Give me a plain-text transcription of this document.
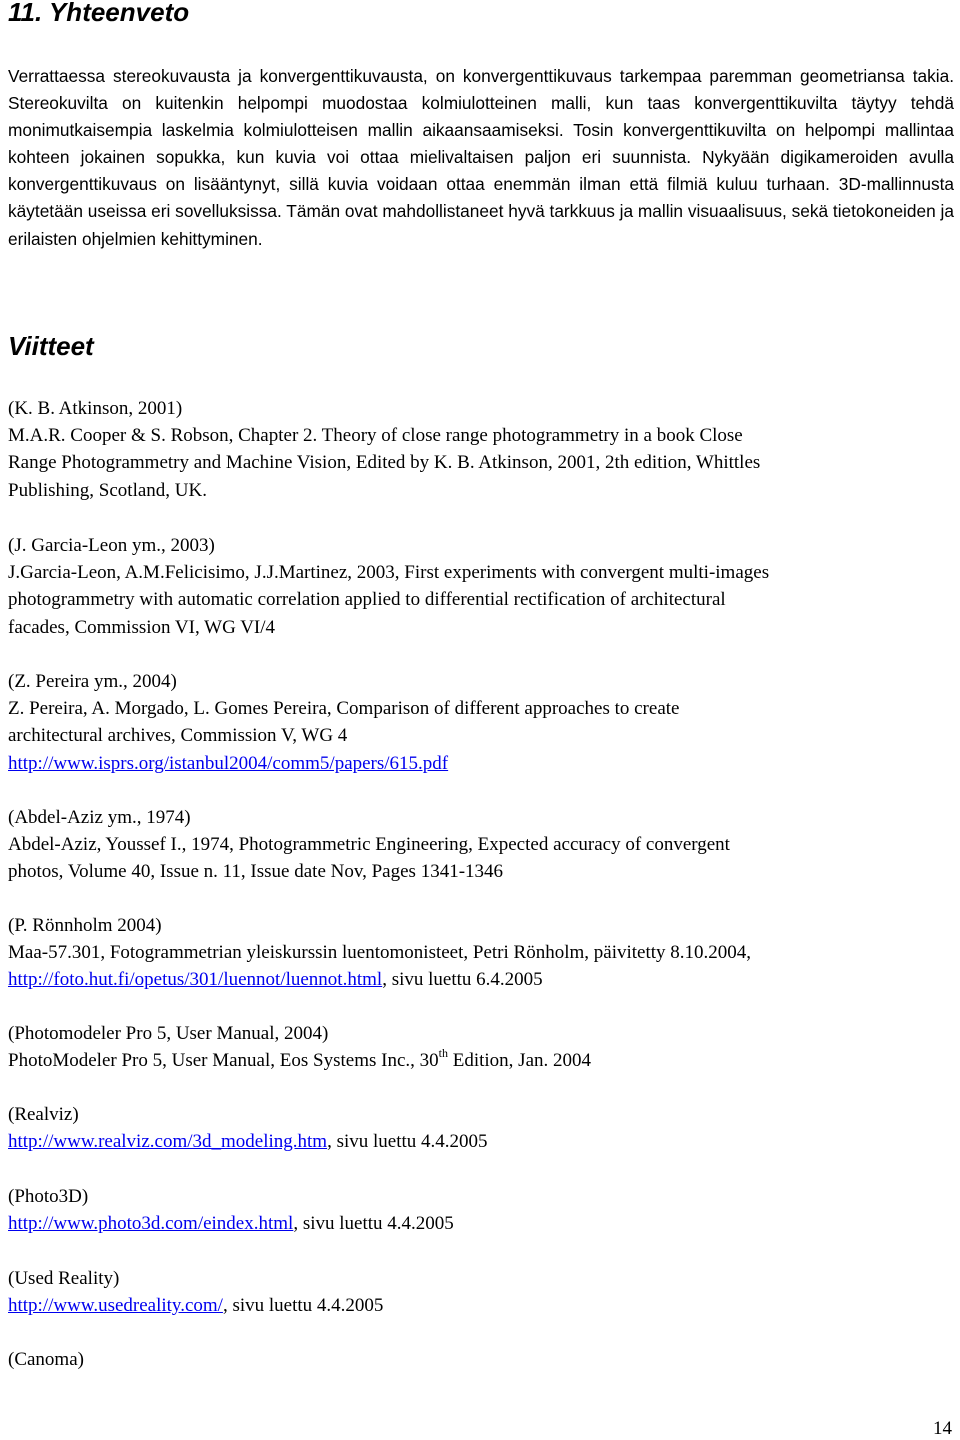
11. Yhteenveto

Verrattaessa stereokuvausta ja konvergenttikuvausta, on konvergenttikuvaus tarkempaa paremman geometriansa takia. Stereokuvilta on kuitenkin helpompi muodostaa kolmiulotteinen malli, kun taas konvergenttikuvilta täytyy tehdä monimutkaisempia laskelmia kolmiulotteisen mallin aikaansaamiseksi. Tosin konvergenttikuvilta on helpompi mallintaa kohteen jokainen sopukka, kun kuvia voi ottaa mielivaltaisen paljon eri suunnista. Nykyään digikameroiden avulla konvergenttikuvaus on lisääntynyt, sillä kuvia voidaan ottaa enemmän ilman että filmiä kuluu turhaan. 3D-mallinnusta käytetään useissa eri sovelluksissa. Tämän ovat mahdollistaneet hyvä tarkkuus ja mallin visuaalisuus, sekä tietokoneiden ja erilaisten ohjelmien kehittyminen.

Viitteet
(K. B. Atkinson, 2001)
M.A.R. Cooper & S. Robson, Chapter 2. Theory of close range photogrammetry in a book Close
Range Photogrammetry and Machine Vision, Edited by K. B. Atkinson, 2001, 2th edition, Whittles
Publishing, Scotland, UK.
(J. Garcia-Leon ym., 2003)
J.Garcia-Leon, A.M.Felicisimo, J.J.Martinez, 2003, First experiments with convergent multi-images
photogrammetry with automatic correlation applied to differential rectification of architectural
facades, Commission VI, WG VI/4
(Z. Pereira ym., 2004)
Z. Pereira, A. Morgado, L. Gomes Pereira, Comparison of different approaches to create
architectural archives, Commission V, WG 4
http://www.isprs.org/istanbul2004/comm5/papers/615.pdf
(Abdel-Aziz ym., 1974)
Abdel-Aziz, Youssef I., 1974, Photogrammetric Engineering, Expected accuracy of convergent
photos, Volume 40, Issue n. 11, Issue date Nov, Pages 1341-1346
(P. Rönnholm 2004)
Maa-57.301, Fotogrammetrian yleiskurssin luentomonisteet, Petri Rönholm, päivitetty 8.10.2004,
http://foto.hut.fi/opetus/301/luennot/luennot.html, sivu luettu 6.4.2005
(Photomodeler Pro 5, User Manual, 2004)
PhotoModeler Pro 5, User Manual, Eos Systems Inc., 30th Edition, Jan. 2004
(Realviz)
http://www.realviz.com/3d_modeling.htm, sivu luettu 4.4.2005
(Photo3D)
http://www.photo3d.com/eindex.html, sivu luettu 4.4.2005
(Used Reality)
http://www.usedreality.com/, sivu luettu 4.4.2005
(Canoma)
14
